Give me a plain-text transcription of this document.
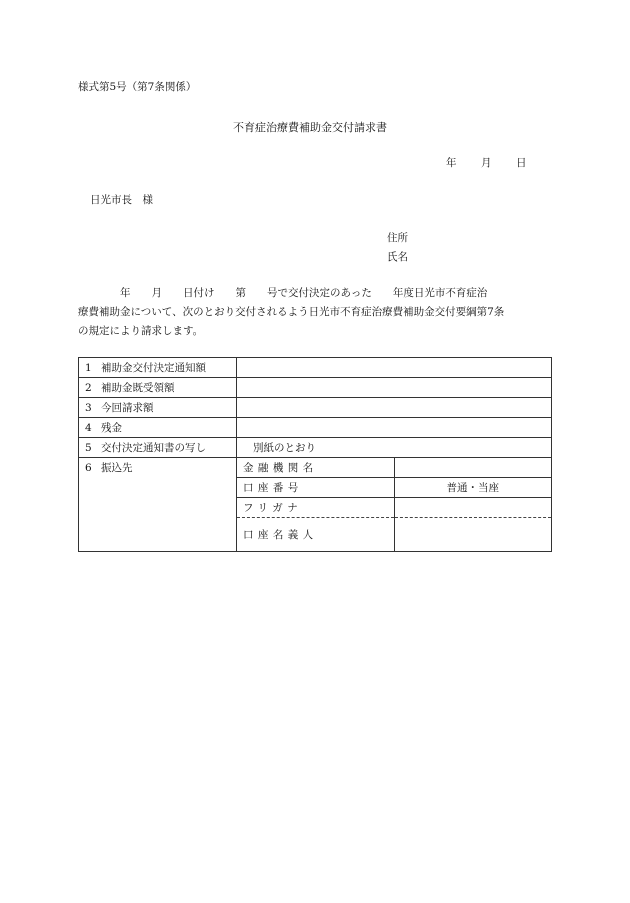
様式第5号（第7条関係）
不育症治療費補助金交付請求書
年 月 日
日光市長　様
住所
氏名
　　　　年　　月　　日付け　　第　　号で交付決定のあった　　年度日光市不育症治
療費補助金について、次のとおり交付されるよう日光市不育症治療費補助金交付要綱第7条
の規定により請求します。
1 補助金交付決定通知額		
2 補助金既受領額		
3 今回請求額		
4 残金		
5 交付決定通知書の写し	別紙のとおり	
6 振込先	金融機関名	
	口座番号	普通・当座
	フリガナ	
	口座名義人	
